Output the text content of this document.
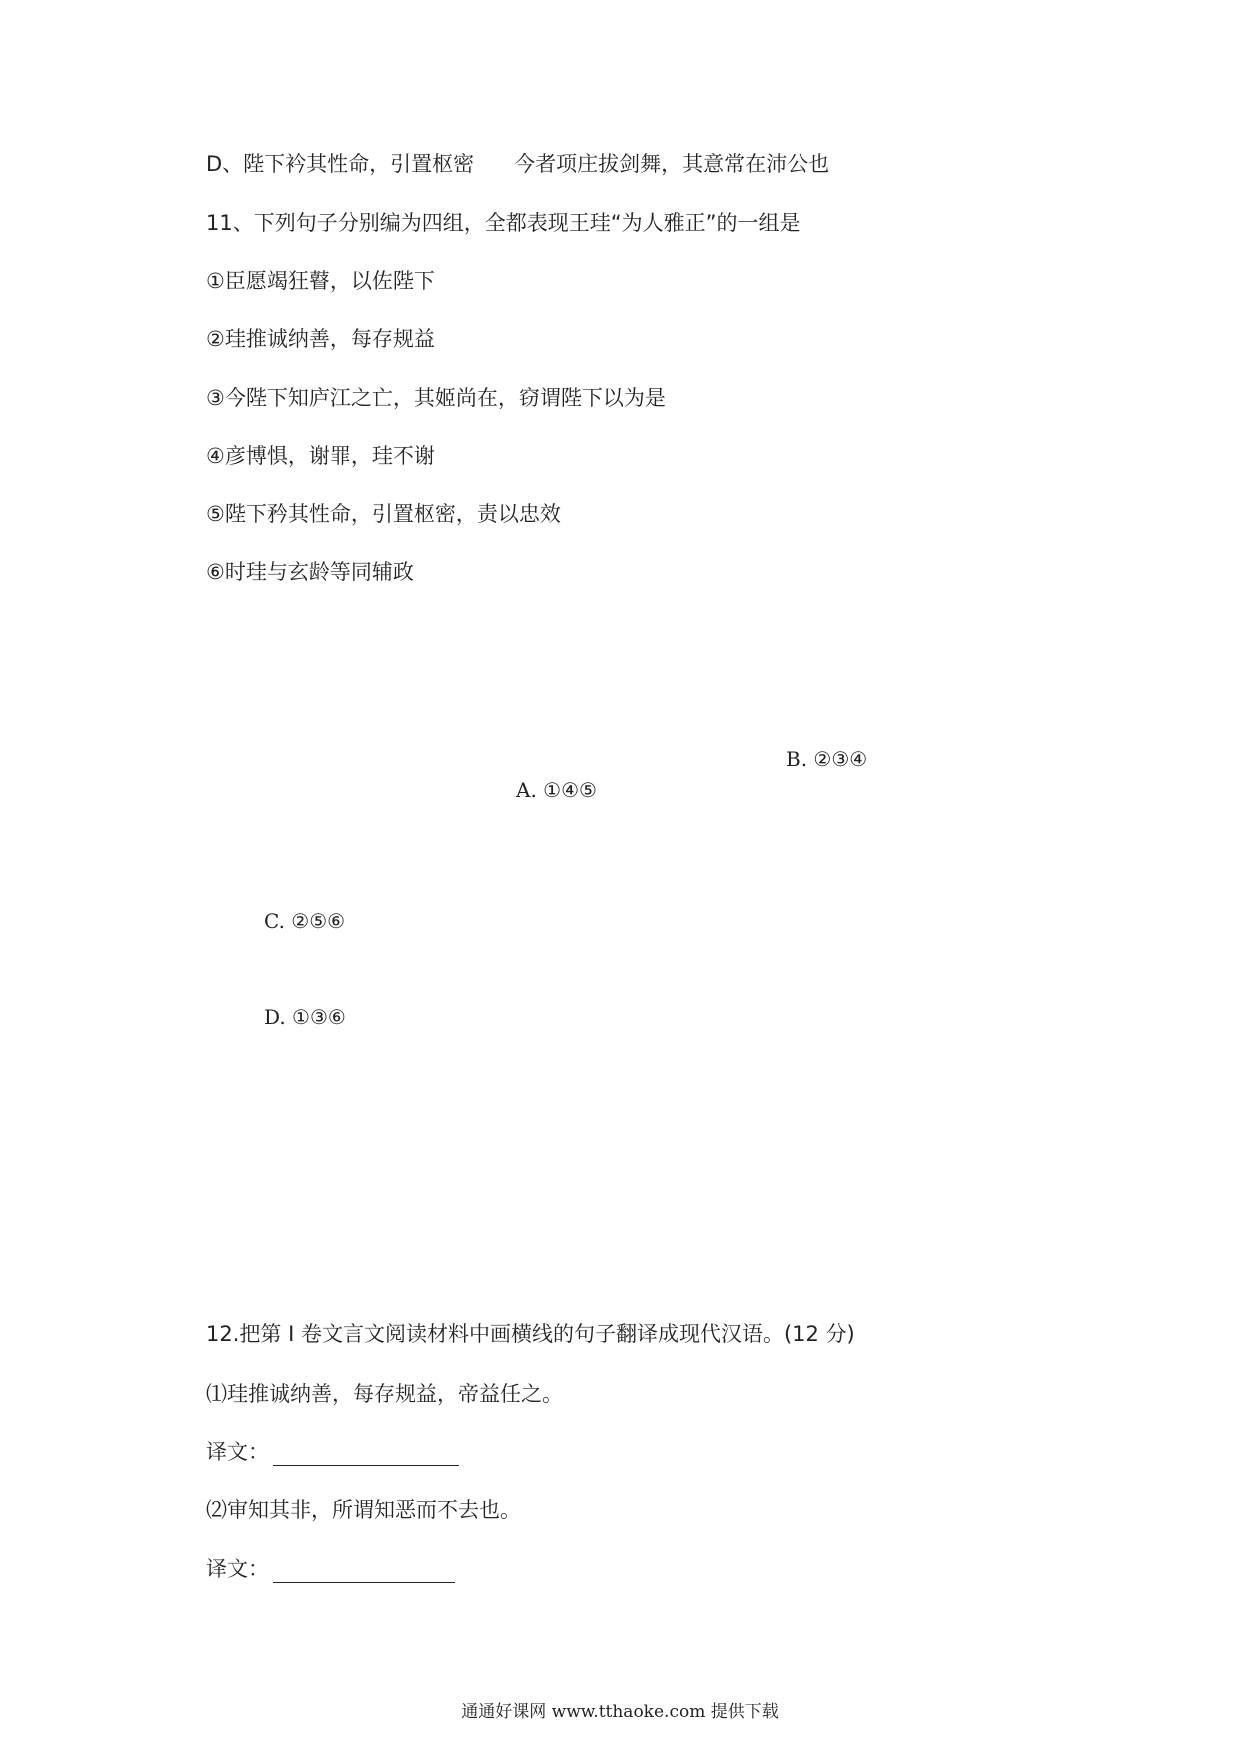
D、陛下衿其性命，引置枢密 今者项庄拔剑舞，其意常在沛公也
11、下列句子分别编为四组，全都表现王珪“为人雅正”的一组是
①臣愿竭狂瞽，以佐陛下
②珪推诚纳善，每存规益
③今陛下知庐江之亡，其姬尚在，窃谓陛下以为是
④彦博惧，谢罪，珪不谢
⑤陛下矜其性命，引置枢密，责以忠效
⑥时珪与玄龄等同辅政
B. ②③④
A. ①④⑤
C. ②⑤⑥
D. ①③⑥
12.把第 I 卷文言文阅读材料中画横线的句子翻译成现代汉语。(12 分)
⑴珪推诚纳善，每存规益，帝益任之。
译文：
⑵审知其非，所谓知恶而不去也。
译文：
通通好课网 www.tthaoke.com 提供下载
